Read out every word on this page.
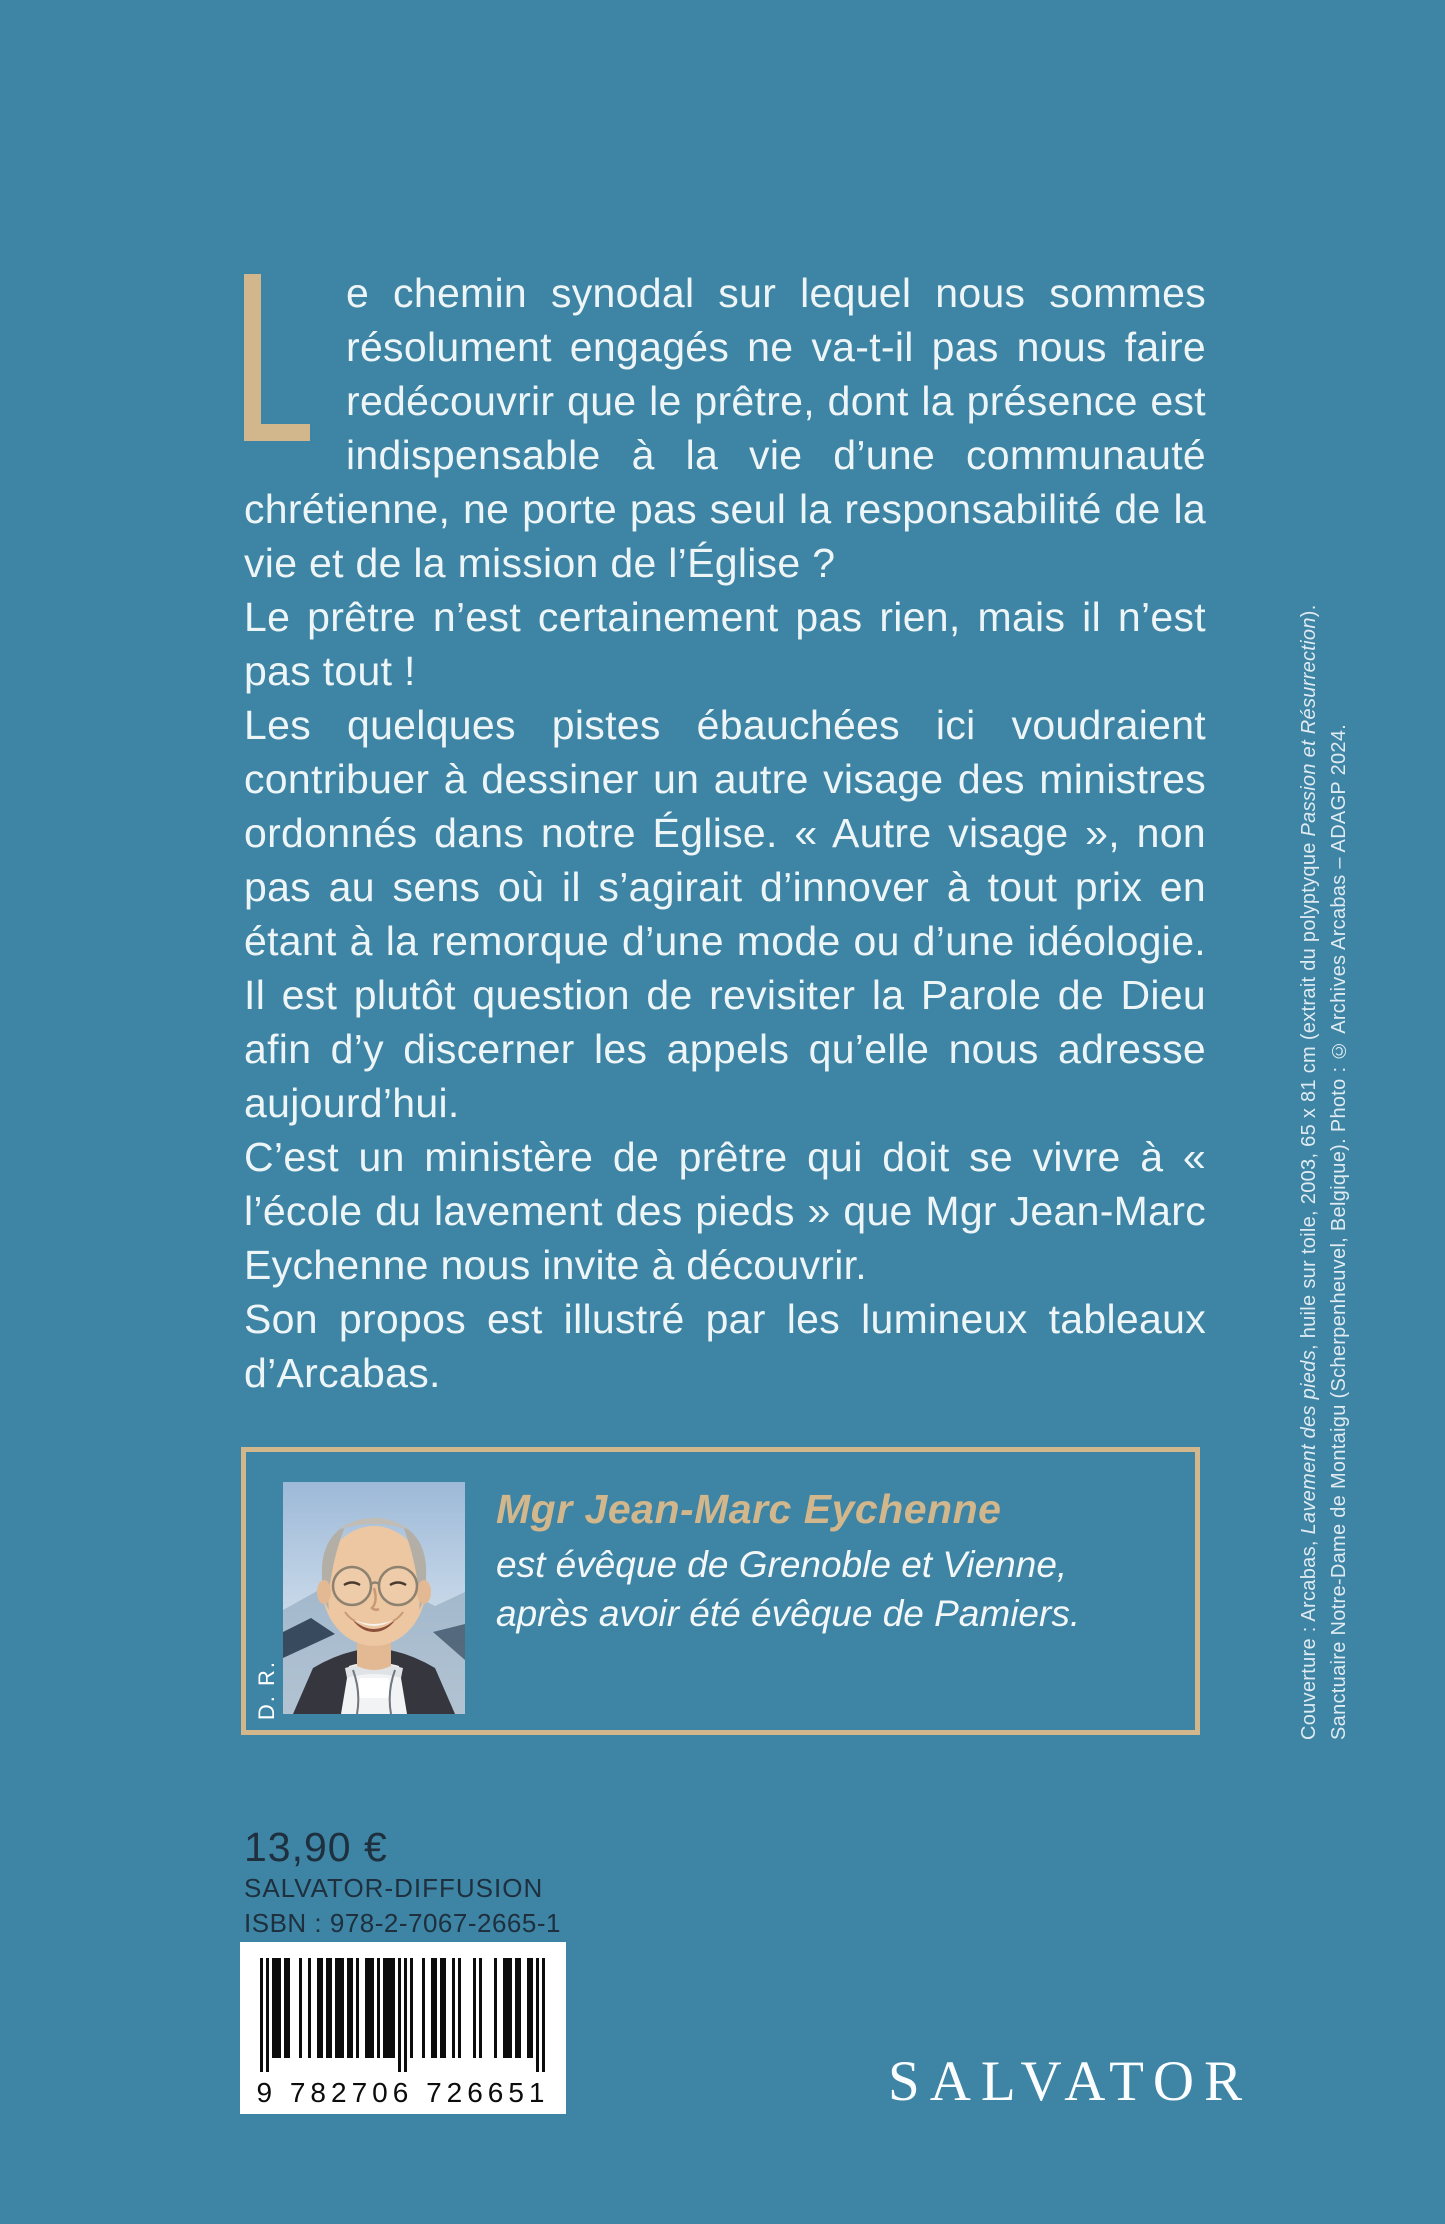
e chemin synodal sur lequel nous sommes résolument engagés ne va-t-il pas nous faire redécouvrir que le prêtre, dont la présence est indispensable à la vie d’une communauté chrétienne, ne porte pas seul la responsabilité de la vie et de la mission de l’Église ?

Le prêtre n’est certainement pas rien, mais il n’est pas tout !

Les quelques pistes ébauchées ici voudraient contribuer à dessiner un autre visage des ministres ordonnés dans notre Église. « Autre visage », non pas au sens où il s’agirait d’innover à tout prix en étant à la remorque d’une mode ou d’une idéologie. Il est plutôt question de revisiter la Parole de Dieu afin d’y discerner les appels qu’elle nous adresse aujourd’hui.

C’est un ministère de prêtre qui doit se vivre à « l’école du lavement des pieds » que Mgr Jean-Marc Eychenne nous invite à découvrir.

Son propos est illustré par les lumineux tableaux d’Arcabas.

D. R.

Mgr Jean-Marc Eychenne

est évêque de Grenoble et Vienne,

après avoir été évêque de Pamiers.

13,90 €
SALVATOR-DIFFUSION
ISBN : 978-2-7067-2665-1
9 782706 726651	SALVATOR
Couverture : Arcabas, Lavement des pieds, huile sur toile, 2003, 65 x 81 cm (extrait du polyptyque Passion et Résurrection).
Sanctuaire Notre-Dame de Montaigu (Scherpenheuvel, Belgique). Photo : © Archives Arcabas – ADAGP 2024.
